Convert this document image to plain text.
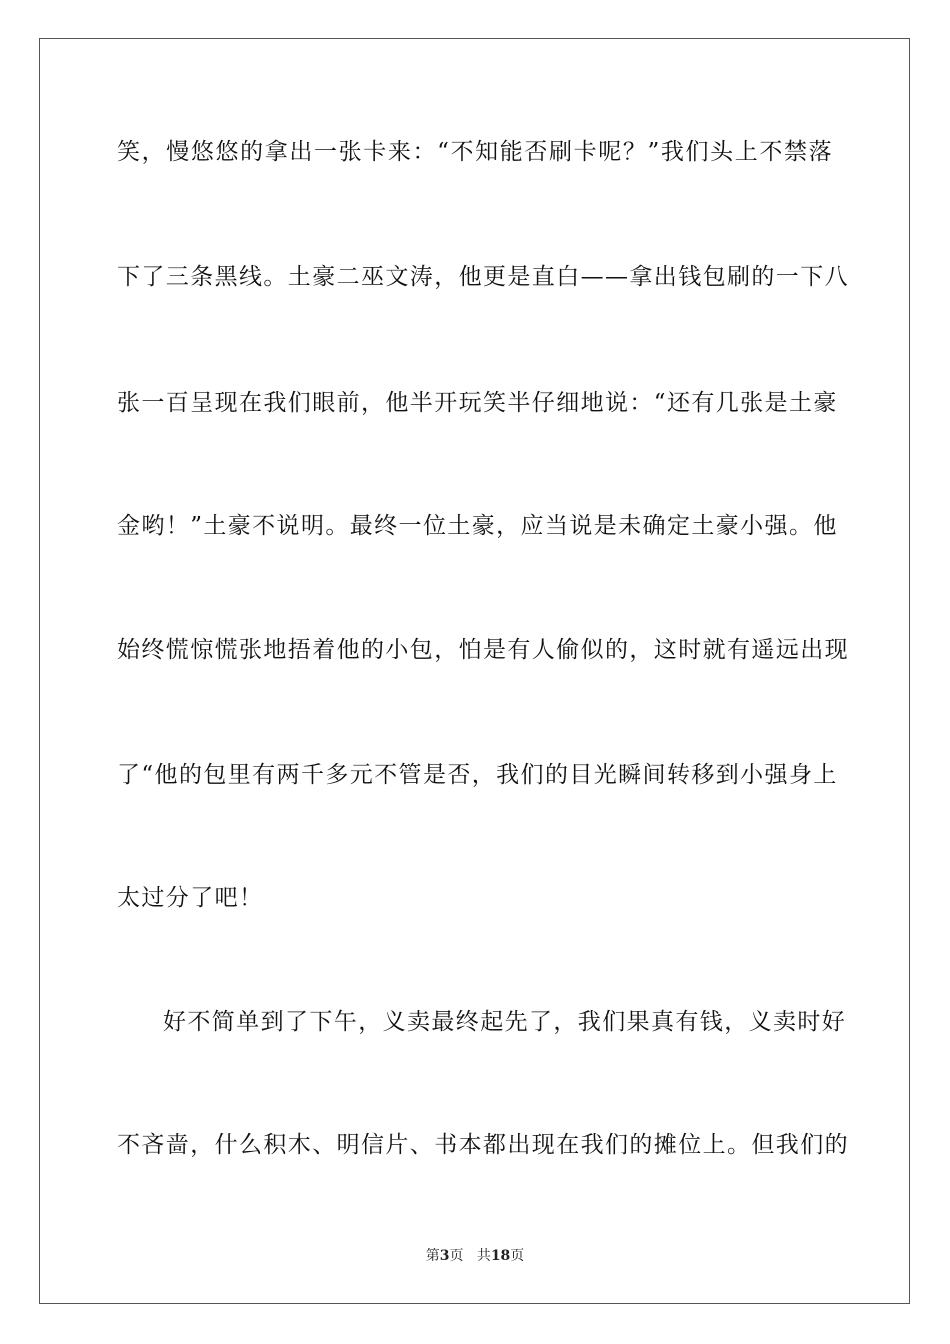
笑，慢悠悠的拿出一张卡来：“不知能否刷卡呢？”我们头上不禁落
下了三条黑线。土豪二巫文涛，他更是直白——拿出钱包刷的一下八
张一百呈现在我们眼前，他半开玩笑半仔细地说：“还有几张是土豪
金哟！”土豪不说明。最终一位土豪，应当说是未确定土豪小强。他
始终慌惊慌张地捂着他的小包，怕是有人偷似的，这时就有遥远出现
了“他的包里有两千多元不管是否，我们的目光瞬间转移到小强身上
太过分了吧！
好不简单到了下午，义卖最终起先了，我们果真有钱，义卖时好
不吝啬，什么积木、明信片、书本都出现在我们的摊位上。但我们的
第3页 共18页
